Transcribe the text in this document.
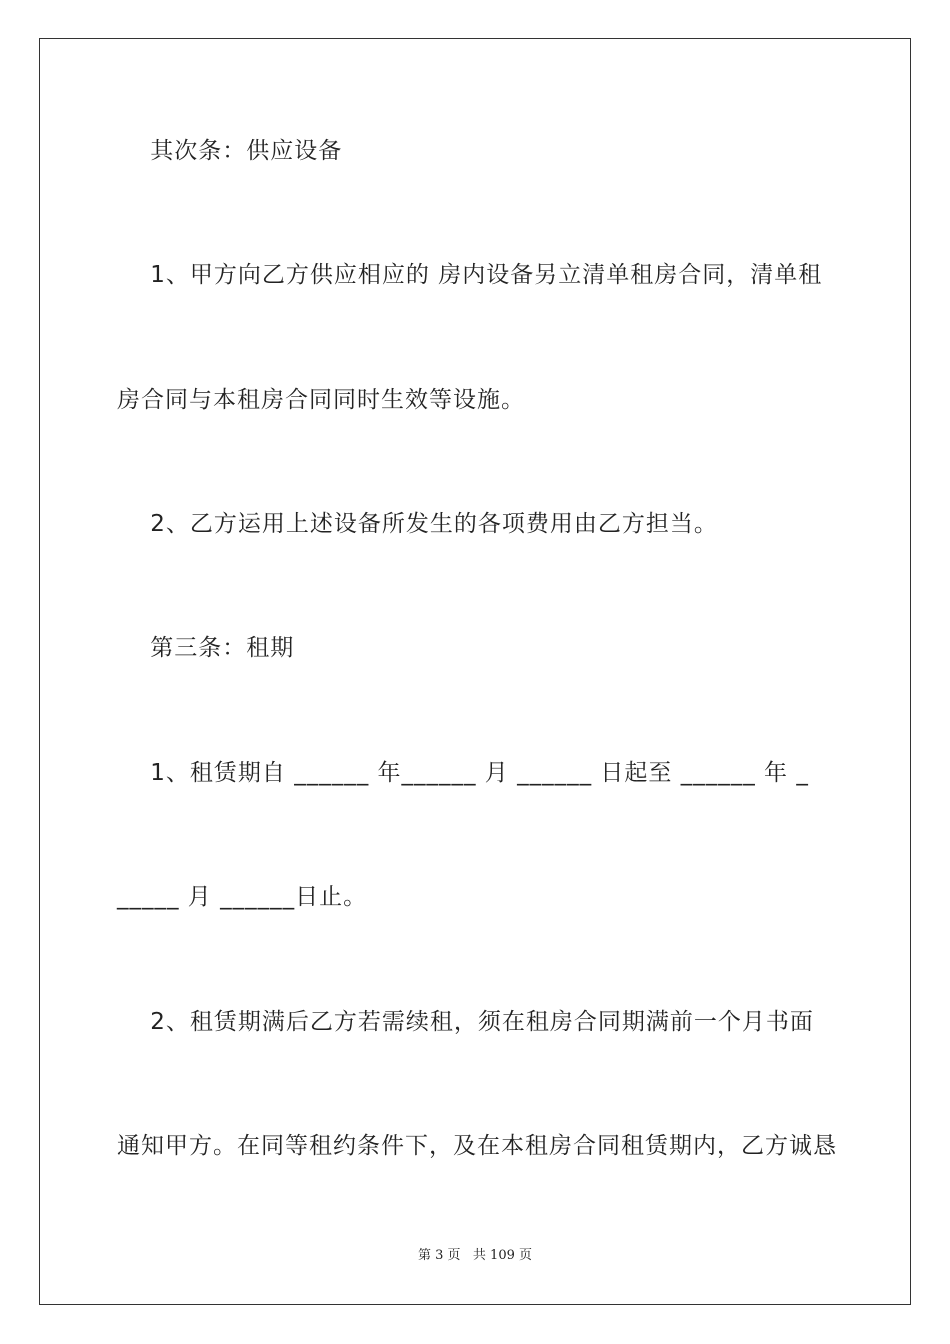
其次条：供应设备
1、甲方向乙方供应相应的 房内设备另立清单租房合同，清单租
房合同与本租房合同同时生效等设施。
2、乙方运用上述设备所发生的各项费用由乙方担当。
第三条：租期
1、租赁期自 ______ 年______ 月 ______ 日起至 ______ 年 _
_____ 月 ______日止。
2、租赁期满后乙方若需续租，须在租房合同期满前一个月书面
通知甲方。在同等租约条件下，及在本租房合同租赁期内，乙方诚恳
第 3 页   共 109 页
